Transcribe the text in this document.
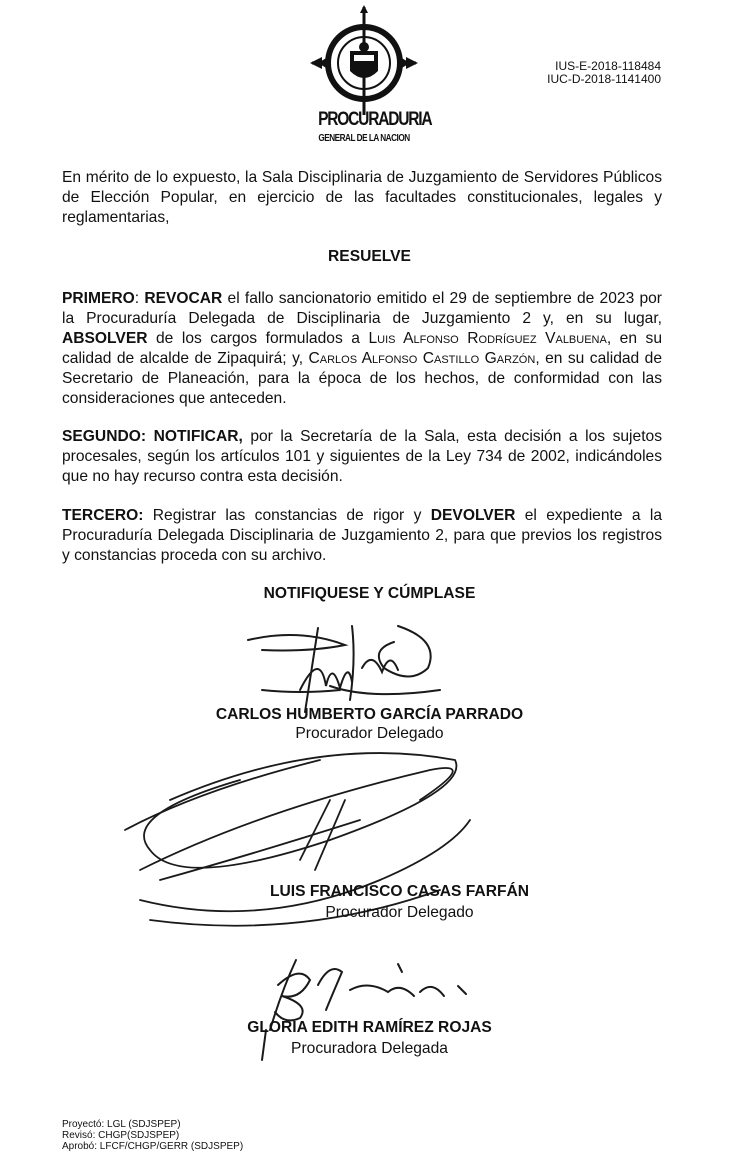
PROCURADURIA
GENERAL DE LA NACION
IUS-E-2018-118484
IUC-D-2018-1141400
En mérito de lo expuesto, la Sala Disciplinaria de Juzgamiento de Servidores Públicos de Elección Popular, en ejercicio de las facultades constitucionales, legales y reglamentarias,
RESUELVE
PRIMERO: REVOCAR el fallo sancionatorio emitido el 29 de septiembre de 2023 por la Procuraduría Delegada de Disciplinaria de Juzgamiento 2 y, en su lugar, ABSOLVER de los cargos formulados a Luis Alfonso Rodríguez Valbuena, en su calidad de alcalde de Zipaquirá; y, Carlos Alfonso Castillo Garzón, en su calidad de Secretario de Planeación, para la época de los hechos, de conformidad con las consideraciones que anteceden.
SEGUNDO: NOTIFICAR, por la Secretaría de la Sala, esta decisión a los sujetos procesales, según los artículos 101 y siguientes de la Ley 734 de 2002, indicándoles que no hay recurso contra esta decisión.
TERCERO: Registrar las constancias de rigor y DEVOLVER el expediente a la Procuraduría Delegada Disciplinaria de Juzgamiento 2, para que previos los registros y constancias proceda con su archivo.
NOTIFIQUESE Y CÚMPLASE
CARLOS HUMBERTO GARCÍA PARRADO
Procurador Delegado
LUIS FRANCISCO CASAS FARFÁN
Procurador Delegado
GLORIA EDITH RAMÍREZ ROJAS
Procuradora Delegada
Proyectó: LGL (SDJSPEP)
Revisó: CHGP(SDJSPEP)
Aprobó: LFCF/CHGP/GERR (SDJSPEP)
